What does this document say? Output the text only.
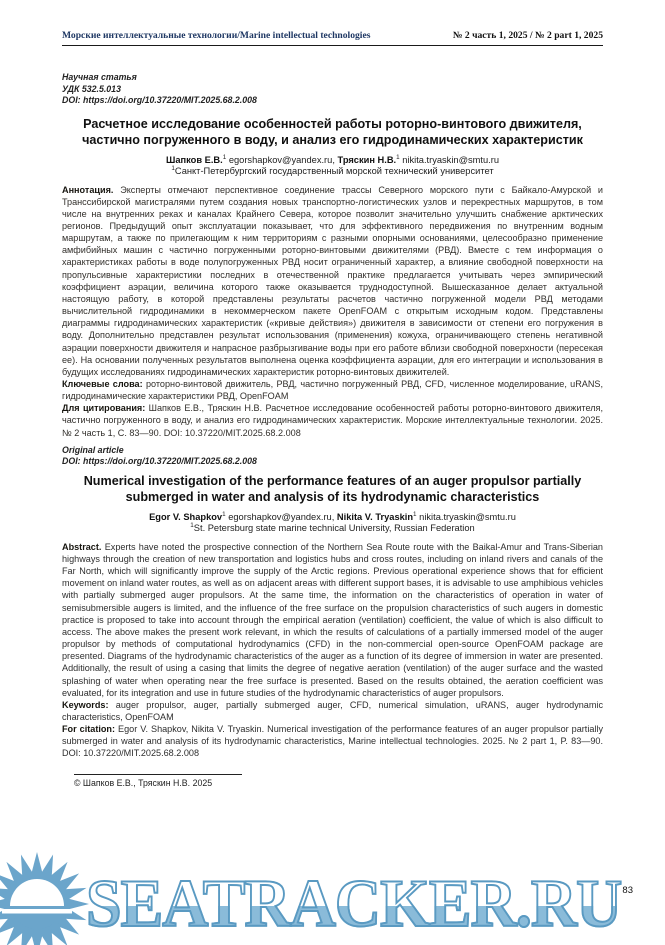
Морские интеллектуальные технологии/Marine intellectual technologies	№ 2 часть 1, 2025 / № 2 part 1, 2025
Научная статья
УДК 532.5.013
DOI: https://doi.org/10.37220/MIT.2025.68.2.008
Расчетное исследование особенностей работы роторно-винтового движителя, частично погруженного в воду, и анализ его гидродинамических характеристик
Шапков Е.В.$^1$ egorshapkov@yandex.ru, Тряскин Н.В.$^1$ nikita.tryaskin@smtu.ru
$^1$Санкт-Петербургский государственный морской технический университет

Аннотация. Эксперты отмечают перспективное соединение трассы Северного морского пути с Байкало-Амурской и Транссибирской магистралями путем создания новых транспортно-логистических узлов и перекрестных маршрутов, в том числе на внутренних реках и каналах Крайнего Севера, которое позволит значительно улучшить снабжение арктических регионов. Предыдущий опыт эксплуатации показывает, что для эффективного передвижения по внутренним водным маршрутам, а также по прилегающим к ним территориям с разными опорными основаниями, целесообразно применение амфибийных машин с частично погруженными роторно-винтовыми движителями (РВД). Вместе с тем информация о характеристиках работы в воде полупогруженных РВД носит ограниченный характер, а влияние свободной поверхности на пропульсивные характеристики последних в отечественной практике предлагается учитывать через эмпирический коэффициент аэрации, величина которого также оказывается труднодоступной. Вышесказанное делает актуальной настоящую работу, в которой представлены результаты расчетов частично погруженной модели РВД методами вычислительной гидродинамики в некоммерческом пакете OpenFOAM с открытым исходным кодом. Представлены диаграммы гидродинамических характеристик («кривые действия») движителя в зависимости от степени его погружения в воду. Дополнительно представлен результат использования (применения) кожуха, ограничивающего степень негативной аэрации поверхности движителя и напрасное разбрызгивание воды при его работе вблизи свободной поверхности (пересекая ее). На основании полученных результатов выполнена оценка коэффициента аэрации, для его интеграции и использования в будущих исследованиях гидродинамических характеристик роторно-винтовых движителей.

Ключевые слова: роторно-винтовой движитель, РВД, частично погруженный РВД, CFD, численное моделирование, uRANS, гидродинамические характеристики РВД, OpenFOAM

Для цитирования: Шапков Е.В., Тряскин Н.В. Расчетное исследование особенностей работы роторно-винтового движителя, частично погруженного в воду, и анализ его гидродинамических характеристик. Морские интеллектуальные технологии. 2025. № 2 часть 1, С. 83—90. DOI: 10.37220/MIT.2025.68.2.008

Original article
DOI: https://doi.org/10.37220/MIT.2025.68.2.008
Numerical investigation of the performance features of an auger propulsor partially submerged in water and analysis of its hydrodynamic characteristics
Egor V. Shapkov$^1$ egorshapkov@yandex.ru, Nikita V. Tryaskin$^1$ nikita.tryaskin@smtu.ru
$^1$St. Petersburg state marine technical University, Russian Federation

Abstract. Experts have noted the prospective connection of the Northern Sea Route route with the Baikal-Amur and Trans-Siberian highways through the creation of new transportation and logistics hubs and cross routes, including on inland rivers and canals of the Far North, which will significantly improve the supply of the Arctic regions. Previous operational experience shows that for efficient movement on inland water routes, as well as on adjacent areas with different support bases, it is advisable to use amphibious vehicles with partially submerged auger propulsors. At the same time, the information on the characteristics of operation in water of semisubmersible augers is limited, and the influence of the free surface on the propulsion characteristics of such augers in domestic practice is proposed to take into account through the empirical aeration (ventilation) coefficient, the value of which is also difficult to access. The above makes the present work relevant, in which the results of calculations of a partially immersed model of the auger propulsor by methods of computational hydrodynamics (CFD) in the non-commercial open-source OpenFOAM package are presented. Diagrams of the hydrodynamic characteristics of the auger as a function of its degree of immersion in water are presented. Additionally, the result of using a casing that limits the degree of negative aeration (ventilation) of the auger surface and the wasted splashing of water when operating near the free surface is presented. Based on the results obtained, the aeration coefficient was evaluated, for its integration and use in future studies of the hydrodynamic characteristics of auger propulsors.

Keywords: auger propulsor, auger, partially submerged auger, CFD, numerical simulation, uRANS, auger hydrodynamic characteristics, OpenFOAM

For citation: Egor V. Shapkov, Nikita V. Tryaskin. Numerical investigation of the performance features of an auger propulsor partially submerged in water and analysis of its hydrodynamic characteristics, Marine intellectual technologies. 2025. № 2 part 1, P. 83—90. DOI: 10.37220/MIT.2025.68.2.008

© Шапков Е.В., Тряскин Н.В. 2025
SEATRACKER.RU 83
